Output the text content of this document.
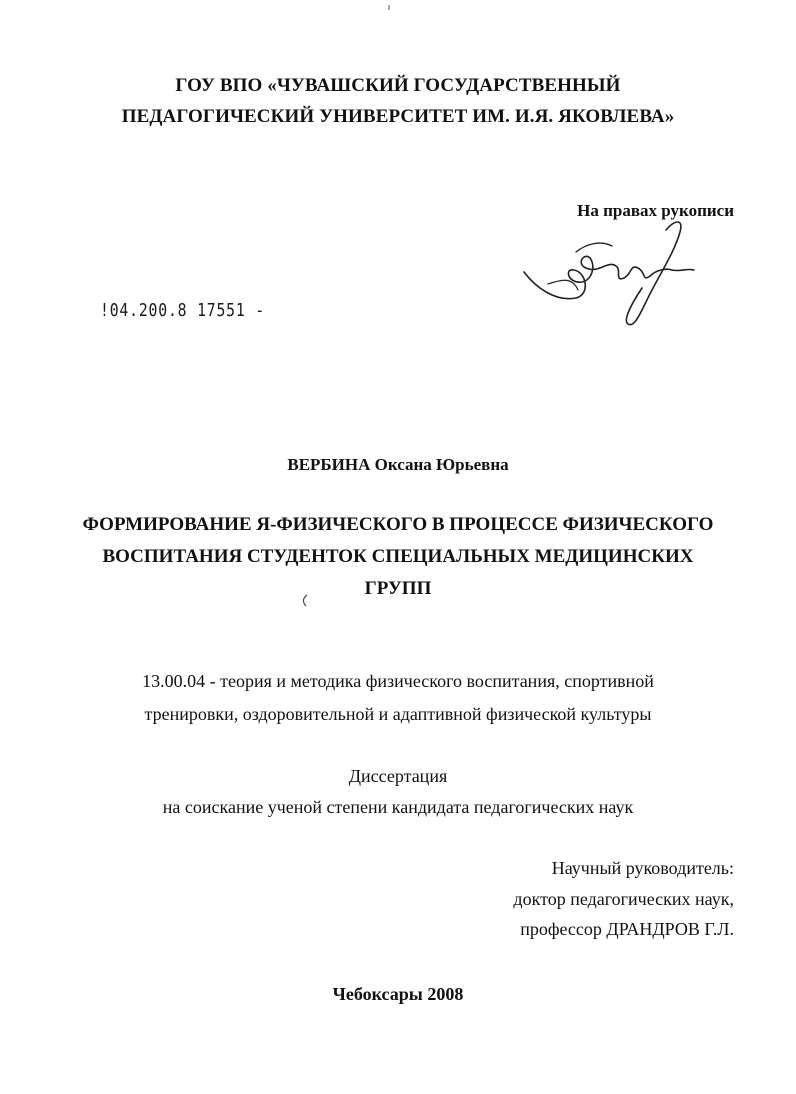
ГОУ ВПО «ЧУВАШСКИЙ ГОСУДАРСТВЕННЫЙ
ПЕДАГОГИЧЕСКИЙ УНИВЕРСИТЕТ ИМ. И.Я. ЯКОВЛЕВА»
На правах рукописи
!04.200.8 17551 -
ВЕРБИНА Оксана Юрьевна
ФОРМИРОВАНИЕ Я-ФИЗИЧЕСКОГО В ПРОЦЕССЕ ФИЗИЧЕСКОГО
ВОСПИТАНИЯ СТУДЕНТОК СПЕЦИАЛЬНЫХ МЕДИЦИНСКИХ
ГРУПП
13.00.04 - теория и методика физического воспитания, спортивной
тренировки, оздоровительной и адаптивной физической культуры
Диссертация
на соискание ученой степени кандидата педагогических наук
Научный руководитель:
доктор педагогических наук,
профессор ДРАНДРОВ Г.Л.
Чебоксары 2008
